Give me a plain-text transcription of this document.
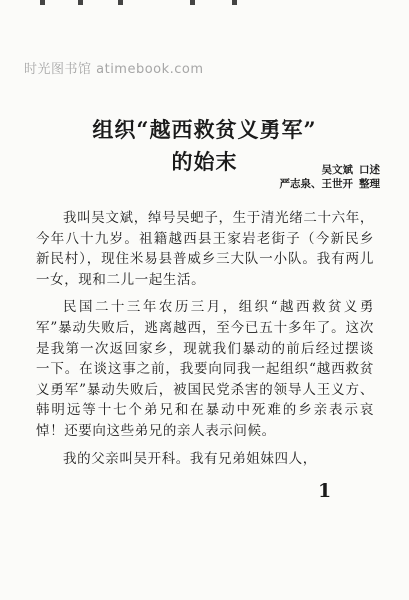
时光图书馆 atimebook.com
组织“越西救贫义勇军”
的始末	吴文斌 口述
严志泉、王世开 整理

我叫吴文斌，绰号吴蚆子，生于清光绪二十六年，今年八十九岁。祖籍越西县王家岩老街子（今新民乡新民村），现住米易县普威乡三大队一小队。我有两儿一女，现和二儿一起生活。

民国二十三年农历三月，组织“越西救贫义勇军”暴动失败后，逃离越西，至今已五十多年了。这次是我第一次返回家乡，现就我们暴动的前后经过摆谈一下。在谈这事之前，我要向同我一起组织“越西救贫义勇军”暴动失败后，被国民党杀害的领导人王义方、韩明远等十七个弟兄和在暴动中死难的乡亲表示哀悼！还要向这些弟兄的亲人表示问候。

我的父亲叫吴开科。我有兄弟姐妹四人，

1
